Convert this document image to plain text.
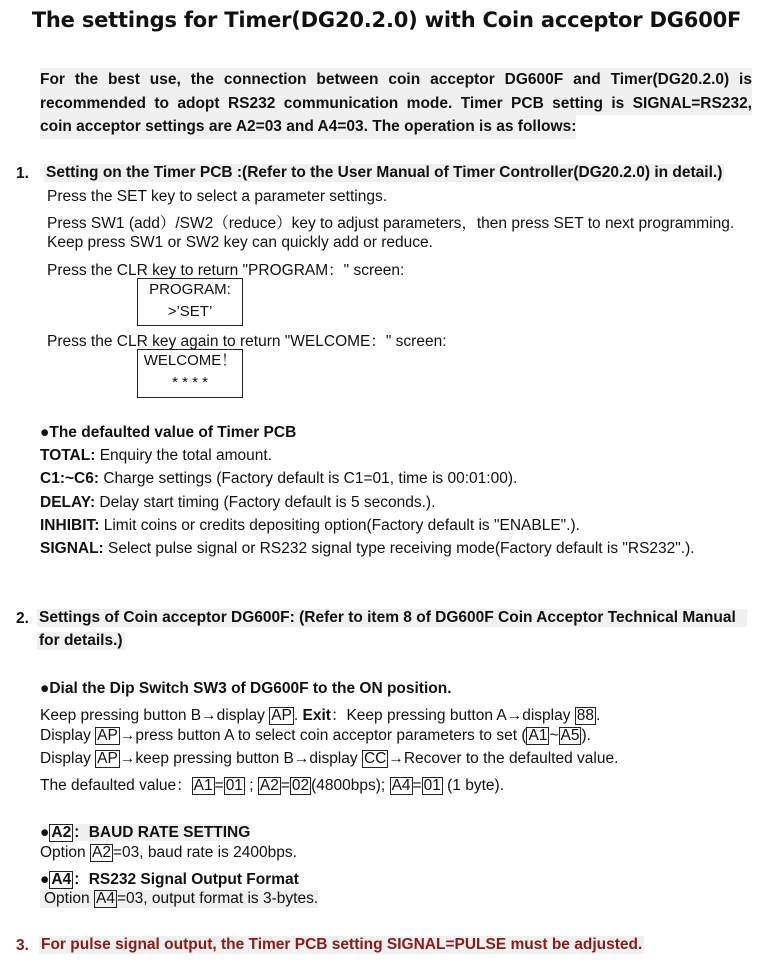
The settings for Timer(DG20.2.0) with Coin acceptor DG600F
For the best use, the connection between coin acceptor DG600F and Timer(DG20.2.0) is
recommended to adopt RS232 communication mode. Timer PCB setting is SIGNAL=RS232,
coin acceptor settings are A2=03 and A4=03. The operation is as follows:
1. Setting on the Timer PCB :(Refer to the User Manual of Timer Controller(DG20.2.0) in detail.)
Press the SET key to select a parameter settings.
Press SW1 (add）/SW2（reduce）key to adjust parameters，then press SET to next programming.
Keep press SW1 or SW2 key can quickly add or reduce.
Press the CLR key to return "PROGRAM：" screen:
PROGRAM:
>’SET’
Press the CLR key again to return "WELCOME：" screen:
WELCOME！
* * * *
●The defaulted value of Timer PCB
TOTAL: Enquiry the total amount.
C1:~C6: Charge settings (Factory default is C1=01, time is 00:01:00).
DELAY: Delay start timing (Factory default is 5 seconds.).
INHIBIT: Limit coins or credits depositing option(Factory default is "ENABLE".).
SIGNAL: Select pulse signal or RS232 signal type receiving mode(Factory default is "RS232".).
2. Settings of Coin acceptor DG600F: (Refer to item 8 of DG600F Coin Acceptor Technical Manual
for details.)
●Dial the Dip Switch SW3 of DG600F to the ON position.
Keep pressing button B→display AP . Exit：Keep pressing button A→display 88 .
Display AP →press button A to select coin acceptor parameters to set ( A1 ~ A5 ).
Display AP →keep pressing button B→display CC →Recover to the defaulted value.
The defaulted value： A1 = 01 ; A2 = 02 (4800bps); A4 = 01 (1 byte).
● A2 ：BAUD RATE SETTING
Option A2 =03, baud rate is 2400bps.
● A4 ：RS232 Signal Output Format
Option A4 =03, output format is 3-bytes.
3. For pulse signal output, the Timer PCB setting SIGNAL=PULSE must be adjusted.
